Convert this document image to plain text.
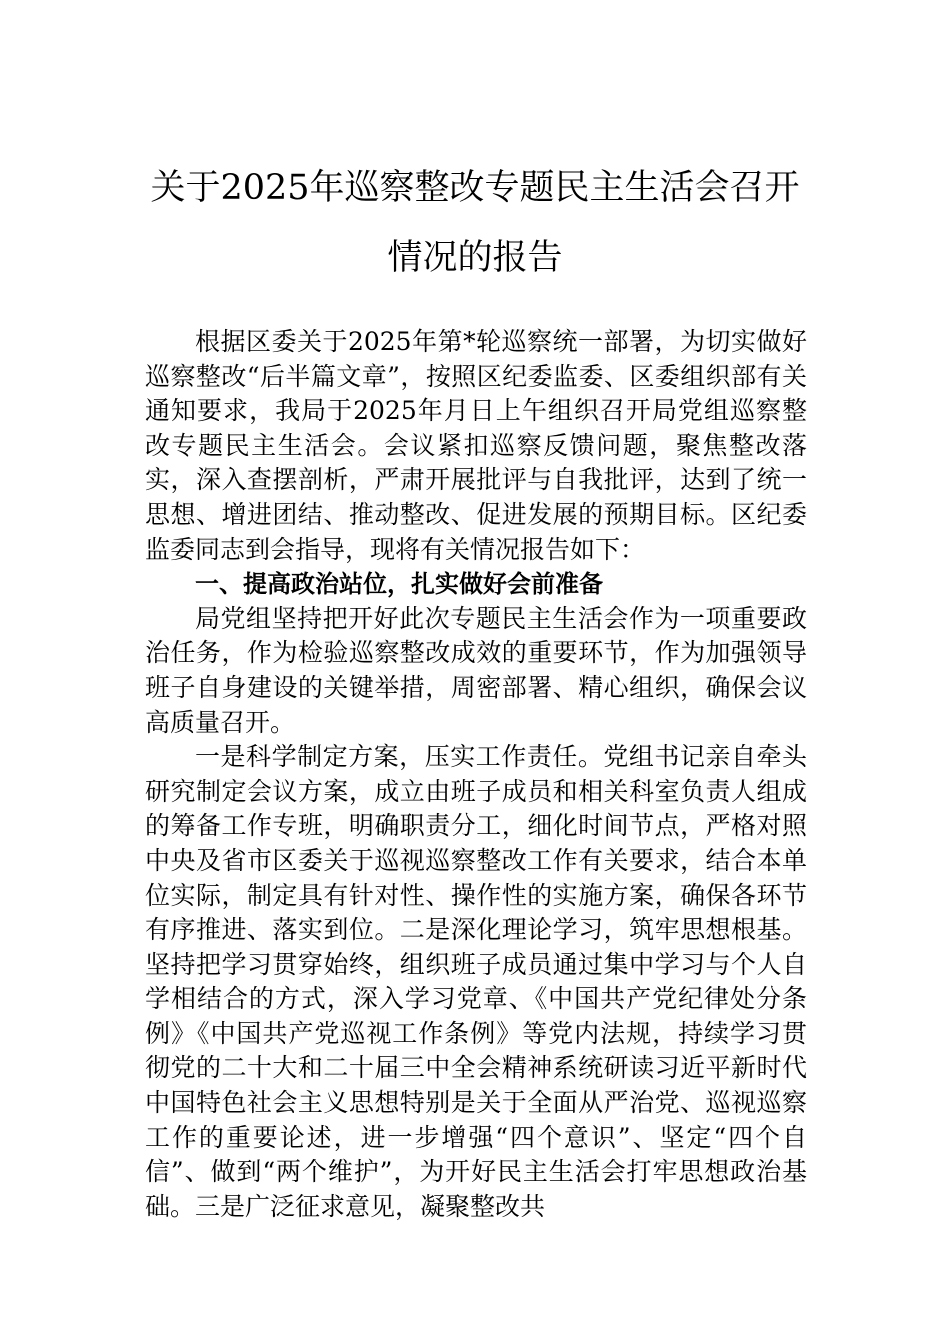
关于2025年巡察整改专题民主生活会召开
情况的报告

根据区委关于2025年第*轮巡察统一部署，为切实做好巡察整改“后半篇文章”，按照区纪委监委、区委组织部有关通知要求，我局于2025年月日上午组织召开局党组巡察整改专题民主生活会。会议紧扣巡察反馈问题，聚焦整改落实，深入查摆剖析，严肃开展批评与自我批评，达到了统一思想、增进团结、推动整改、促进发展的预期目标。区纪委监委同志到会指导，现将有关情况报告如下：

一、提高政治站位，扎实做好会前准备

局党组坚持把开好此次专题民主生活会作为一项重要政治任务，作为检验巡察整改成效的重要环节，作为加强领导班子自身建设的关键举措，周密部署、精心组织，确保会议高质量召开。

一是科学制定方案，压实工作责任。党组书记亲自牵头研究制定会议方案，成立由班子成员和相关科室负责人组成的筹备工作专班，明确职责分工，细化时间节点，严格对照中央及省市区委关于巡视巡察整改工作有关要求，结合本单位实际，制定具有针对性、操作性的实施方案，确保各环节有序推进、落实到位。二是深化理论学习，筑牢思想根基。坚持把学习贯穿始终，组织班子成员通过集中学习与个人自学相结合的方式，深入学习党章、《中国共产党纪律处分条例》《中国共产党巡视工作条例》等党内法规，持续学习贯彻党的二十大和二十届三中全会精神系统研读习近平新时代中国特色社会主义思想特别是关于全面从严治党、巡视巡察工作的重要论述，进一步增强“四个意识”、坚定“四个自信”、做到“两个维护”，为开好民主生活会打牢思想政治基础。三是广泛征求意见，凝聚整改共
